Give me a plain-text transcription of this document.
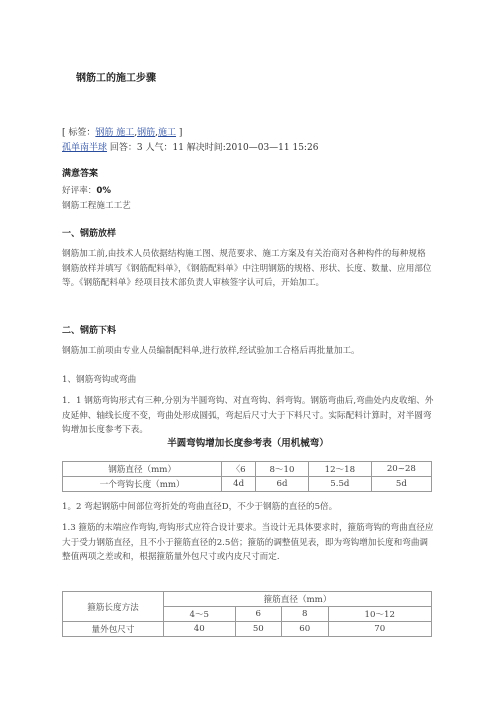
钢筋工的施工步骤
[ 标签：钢筋 施工,钢筋,施工 ]
孤单南半球 回答：3 人气：11 解决时间:2010—03—11 15:26
满意答案
好评率：0%
钢筋工程施工工艺
一、钢筋放样
钢筋加工前,由技术人员依据结构施工图、规范要求、施工方案及有关治商对各种构件的每种规格钢筋放样并填写《钢筋配料单》，《钢筋配料单》中注明钢筋的规格、形状、长度、数量、应用部位等。《钢筋配料单》经项目技术部负责人审核签字认可后，开始加工。
二、钢筋下料
钢筋加工前项由专业人员编制配料单,进行放样,经试验加工合格后再批量加工。
1、钢筋弯钩或弯曲
1．1 钢筋弯钩形式有三种,分别为半圆弯钩、对直弯钩、斜弯钩。钢筋弯曲后,弯曲处内皮收缩、外皮延伸、轴线长度不变，弯曲处形成圆弧，弯起后尺寸大于下料尺寸。实际配料计算时，对半圆弯钩增加长度参考下表。
半圆弯钩增加长度参考表（用机械弯）
钢筋直径（mm）	〈6	8～10	12～18	20~28
一个弯钩长度（mm）	4d	6d	5.5d	5d
1。2 弯起钢筋中间部位弯折处的弯曲直径D，不少于钢筋的直径的5倍。
1.3 箍筋的末端应作弯钩,弯钩形式应符合设计要求。当设计无具体要求时，箍筋弯钩的弯曲直径应大于受力钢筋直径，且不小于箍筋直径的2.5倍；箍筋的调整值见表，即为弯钩增加长度和弯曲调整值两项之差或和，根据箍筋量外包尺寸或内皮尺寸而定.
箍筋长度方法	箍筋直径（mm）			
	4～5	6	8	10～12
量外包尺寸	40	50	60	70
